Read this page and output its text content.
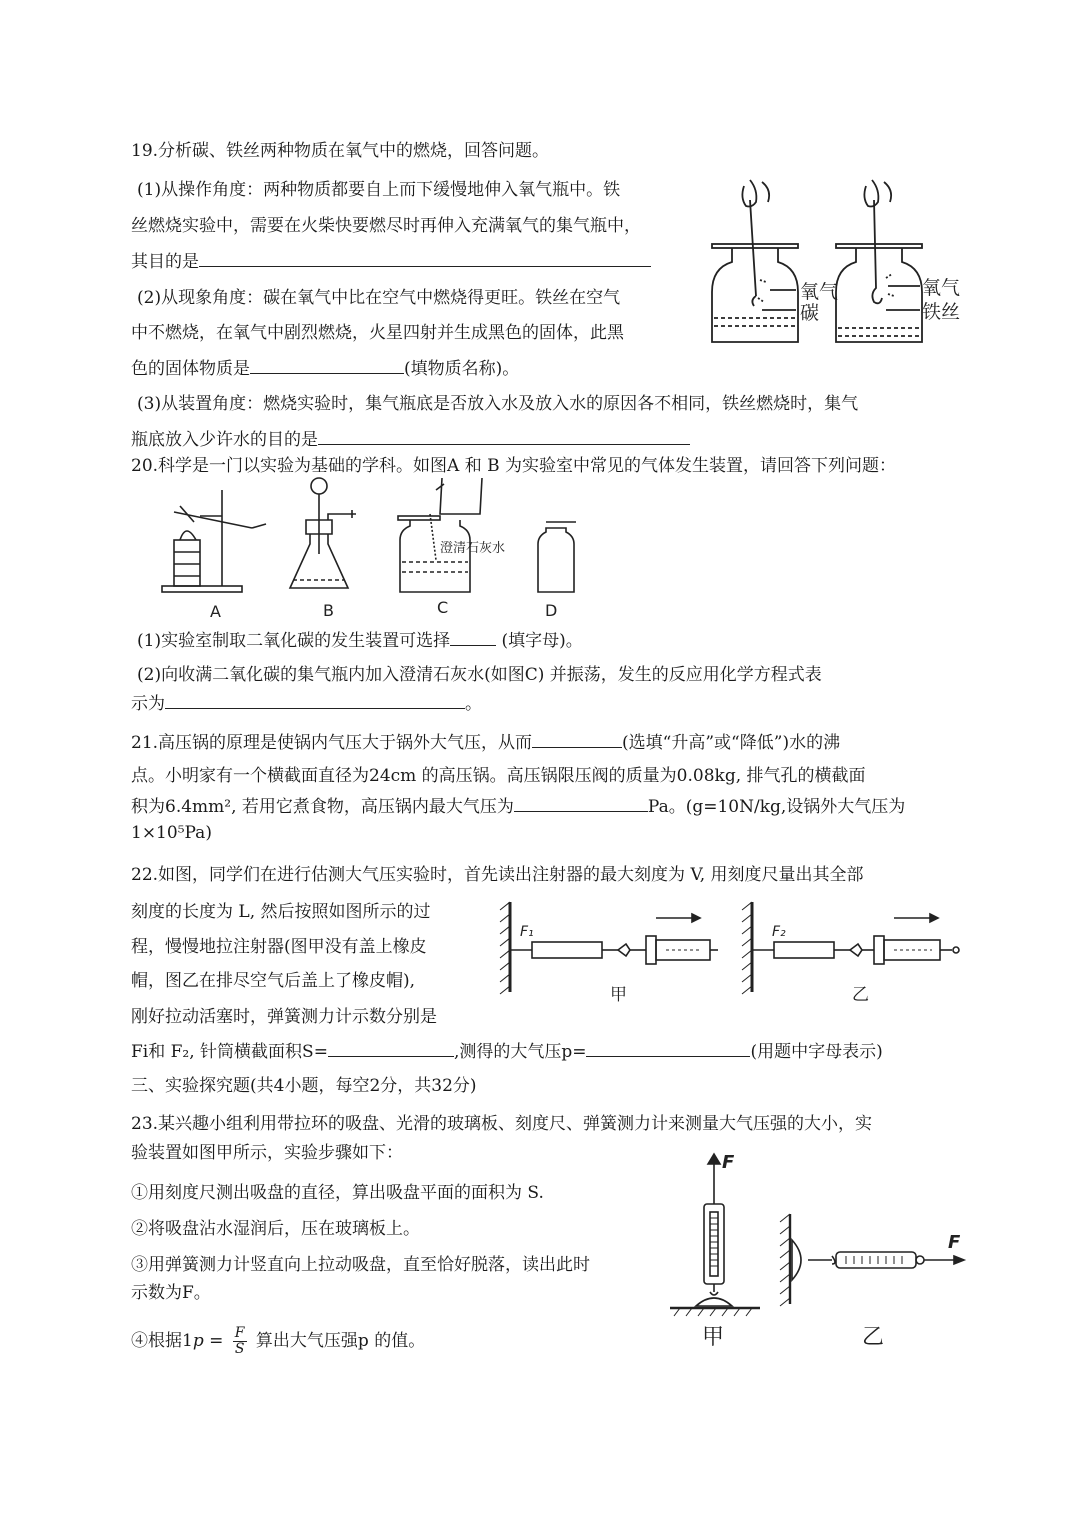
19.分析碳、铁丝两种物质在氧气中的燃烧，回答问题。
(1)从操作角度：两种物质都要自上而下缓慢地伸入氧气瓶中。铁
丝燃烧实验中，需要在火柴快要燃尽时再伸入充满氧气的集气瓶中，
其目的是
(2)从现象角度：碳在氧气中比在空气中燃烧得更旺。铁丝在空气
中不燃烧，在氧气中剧烈燃烧，火星四射并生成黑色的固体，此黑
色的固体物质是	(填物质名称)。
(3)从装置角度：燃烧实验时，集气瓶底是否放入水及放入水的原因各不相同，铁丝燃烧时，集气
瓶底放入少许水的目的是
氧气
碳
氧气
铁丝
20.科学是一门以实验为基础的学科。如图A 和 B 为实验室中常见的气体发生装置，请回答下列问题：
澄清石灰水
A	B	C	D
(1)实验室制取二氧化碳的发生装置可选择	(填字母)。
(2)向收满二氧化碳的集气瓶内加入澄清石灰水(如图C) 并振荡，发生的反应用化学方程式表
示为	。
21.高压锅的原理是使锅内气压大于锅外大气压，从而	(选填“升高”或“降低”)水的沸
点。小明家有一个横截面直径为24cm 的高压锅。高压锅限压阀的质量为0.08kg, 排气孔的横截面
积为6.4mm², 若用它煮食物，高压锅内最大气压为	Pa。(g=10N/kg,设锅外大气压为
1×10⁵Pa)
22.如图，同学们在进行估测大气压实验时，首先读出注射器的最大刻度为 V, 用刻度尺量出其全部
刻度的长度为 L, 然后按照如图所示的过
程，慢慢地拉注射器(图甲没有盖上橡皮
帽，图乙在排尽空气后盖上了橡皮帽),
刚好拉动活塞时，弹簧测力计示数分别是
Fi和 F₂, 针筒横截面积S=	,测得的大气压p=	(用题中字母表示)
F₁	F₂
甲	乙
三、实验探究题(共4小题，每空2分，共32分)
23.某兴趣小组利用带拉环的吸盘、光滑的玻璃板、刻度尺、弹簧测力计来测量大气压强的大小，实
验装置如图甲所示，实验步骤如下：
①用刻度尺测出吸盘的直径，算出吸盘平面的面积为 S.
②将吸盘沾水湿润后，压在玻璃板上。
③用弹簧测力计竖直向上拉动吸盘，直至恰好脱落，读出此时
示数为F。
④根据$1p = \frac{F}{S}$ 算出大气压强p 的值。
F
F
甲	乙
